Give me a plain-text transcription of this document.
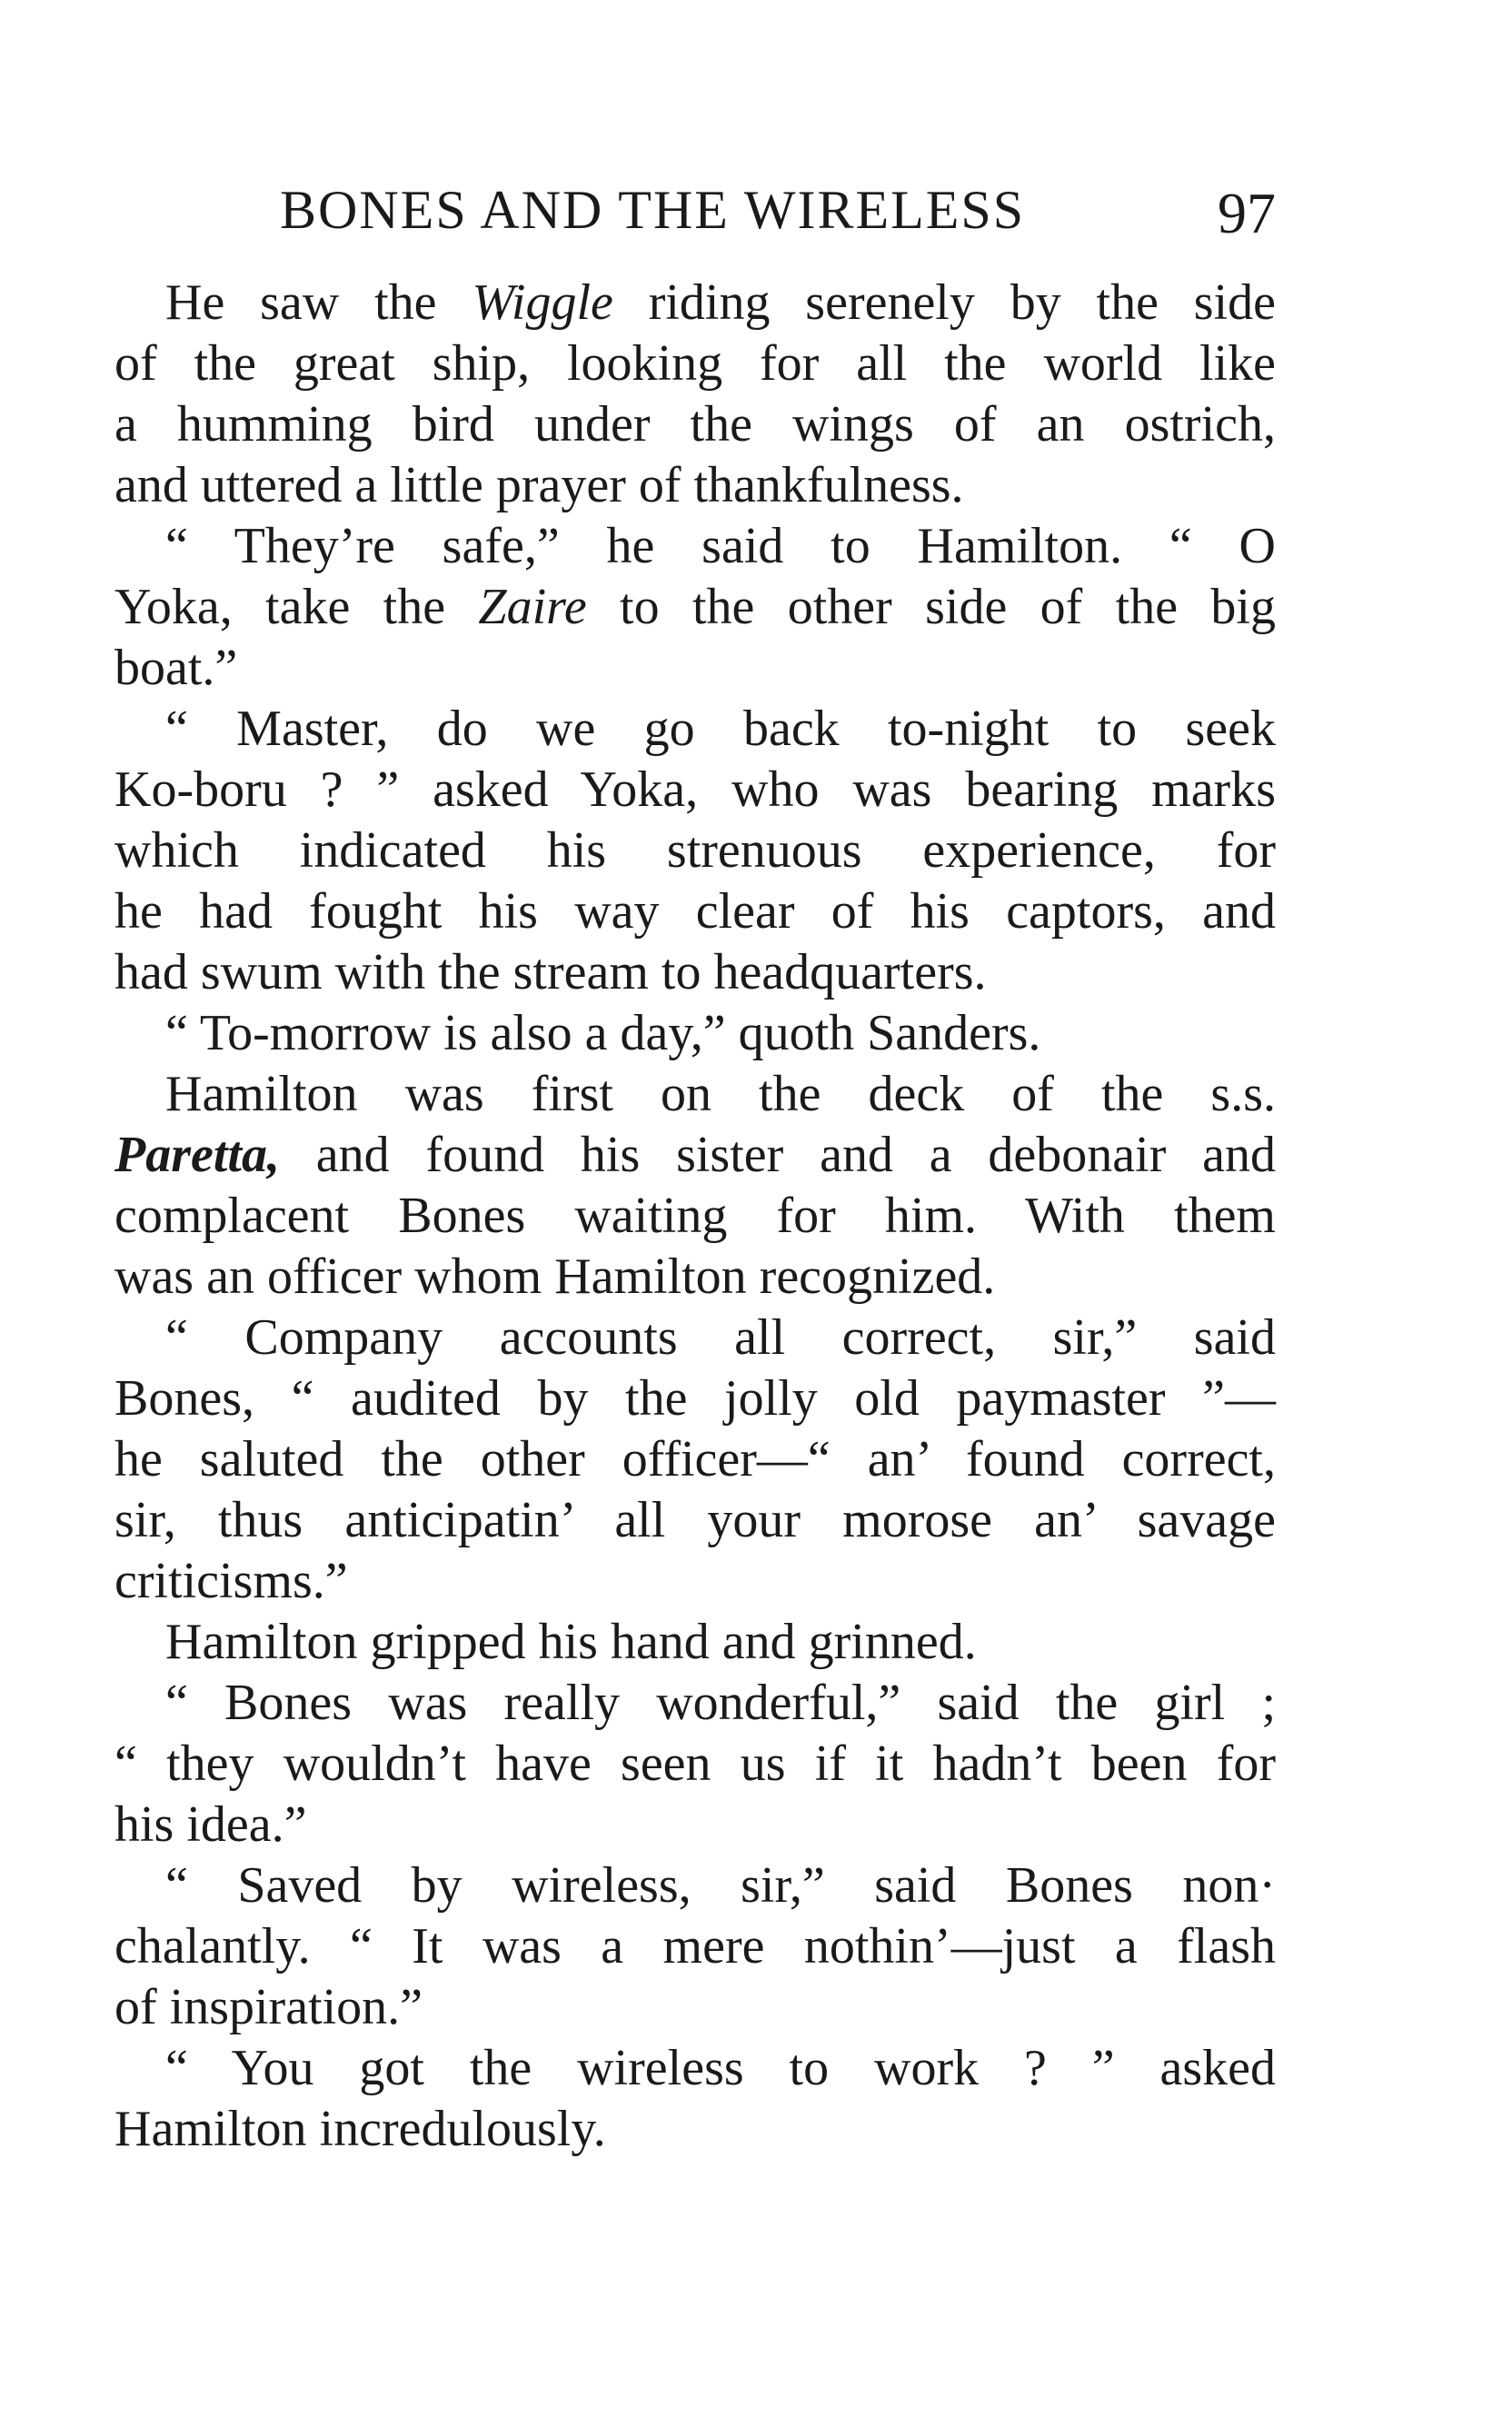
BONES AND THE WIRELESS	97
He saw the Wiggle riding serenely by the side
of the great ship, looking for all the world like
a humming bird under the wings of an ostrich,
and uttered a little prayer of thankfulness.
“ They’re safe,” he said to Hamilton. “ O
Yoka, take the Zaire to the other side of the big
boat.”
“ Master, do we go back to-night to seek
Ko-boru ? ” asked Yoka, who was bearing marks
which indicated his strenuous experience, for
he had fought his way clear of his captors, and
had swum with the stream to headquarters.
“ To-morrow is also a day,” quoth Sanders.
Hamilton was first on the deck of the s.s.
Paretta, and found his sister and a debonair and
complacent Bones waiting for him. With them
was an officer whom Hamilton recognized.
“ Company accounts all correct, sir,” said
Bones, “ audited by the jolly old paymaster ”—
he saluted the other officer—“ an’ found correct,
sir, thus anticipatin’ all your morose an’ savage
criticisms.”
Hamilton gripped his hand and grinned.
“ Bones was really wonderful,” said the girl ;
“ they wouldn’t have seen us if it hadn’t been for
his idea.”
“ Saved by wireless, sir,” said Bones non·
chalantly. “ It was a mere nothin’—just a flash
of inspiration.”
“ You got the wireless to work ? ” asked
Hamilton incredulously.
